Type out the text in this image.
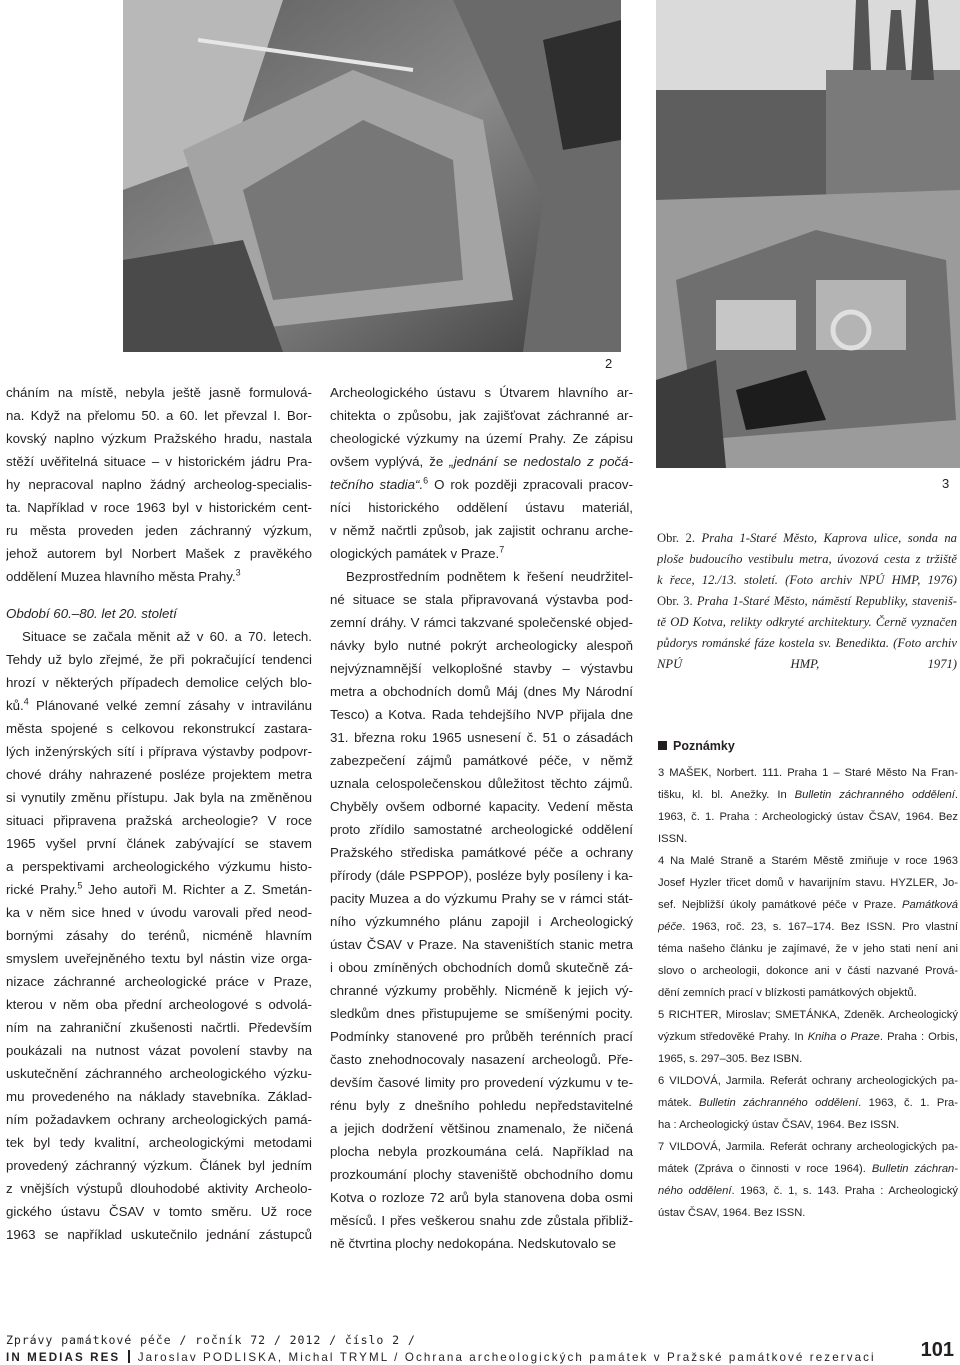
2
3
cháním na místě, nebyla ještě jasně formulová-
na. Když na přelomu 50. a 60. let převzal I. Bor-
kovský naplno výzkum Pražského hradu, nastala
stěží uvěřitelná situace – v historickém jádru Pra-
hy nepracoval naplno žádný archeolog-specialis-
ta. Například v roce 1963 byl v historickém cent-
ru města proveden jeden záchranný výzkum,
jehož autorem byl Norbert Mašek z pravěkého
oddělení Muzea hlavního města Prahy.$^3$
Období 60.–80. let 20. století
Situace se začala měnit až v 60. a 70. letech.
Tehdy už bylo zřejmé, že při pokračující tendenci
hrozí v některých případech demolice celých blo-
ků.$^4$ Plánované velké zemní zásahy v intravilánu
města spojené s celkovou rekonstrukcí zastara-
lých inženýrských sítí i příprava výstavby podpovr-
chové dráhy nahrazené posléze projektem metra
si vynutily změnu přístupu. Jak byla na změněnou
situaci připravena pražská archeologie? V roce
1965 vyšel první článek zabývající se stavem
a perspektivami archeologického výzkumu histo-
rické Prahy.$^5$ Jeho autoři M. Richter a Z. Smetán-
ka v něm sice hned v úvodu varovali před neod-
bornými zásahy do terénů, nicméně hlavním
smyslem uveřejněného textu byl nástin vize orga-
nizace záchranné archeologické práce v Praze,
kterou v něm oba přední archeologové s odvolá-
ním na zahraniční zkušenosti načrtli. Především
poukázali na nutnost vázat povolení stavby na
uskutečnění záchranného archeologického výzku-
mu provedeného na náklady stavebníka. Základ-
ním požadavkem ochrany archeologických pamá-
tek byl tedy kvalitní, archeologickými metodami
provedený záchranný výzkum. Článek byl jedním
z vnějších výstupů dlouhodobé aktivity Archeolo-
gického ústavu ČSAV v tomto směru. Už roce
1963 se například uskutečnilo jednání zástupců
Archeologického ústavu s Útvarem hlavního ar-
chitekta o způsobu, jak zajišťovat záchranné ar-
cheologické výzkumy na území Prahy. Ze zápisu
ovšem vyplývá, že „jednání se nedostalo z počá-
tečního stadia“.$^6$ O rok později zpracovali pracov-
níci historického oddělení ústavu materiál,
v němž načrtli způsob, jak zajistit ochranu arche-
ologických památek v Praze.$^7$
Bezprostředním podnětem k řešení neudržitel-
né situace se stala připravovaná výstavba pod-
zemní dráhy. V rámci takzvané společenské objed-
návky bylo nutné pokrýt archeologicky alespoň
nejvýznamnější velkoplošné stavby – výstavbu
metra a obchodních domů Máj (dnes My Národní
Tesco) a Kotva. Rada tehdejšího NVP přijala dne
31. března roku 1965 usnesení č. 51 o zásadách
zabezpečení zájmů památkové péče, v němž
uznala celospolečenskou důležitost těchto zájmů.
Chyběly ovšem odborné kapacity. Vedení města
proto zřídilo samostatné archeologické oddělení
Pražského střediska památkové péče a ochrany
přírody (dále PSPPOP), posléze byly posíleny i ka-
pacity Muzea a do výzkumu Prahy se v rámci stát-
ního výzkumného plánu zapojil i Archeologický
ústav ČSAV v Praze. Na staveništích stanic metra
i obou zmíněných obchodních domů skutečně zá-
chranné výzkumy proběhly. Nicméně k jejich vý-
sledkům dnes přistupujeme se smíšenými pocity.
Podmínky stanovené pro průběh terénních prací
často znehodnocovaly nasazení archeologů. Pře-
devším časové limity pro provedení výzkumu v te-
rénu byly z dnešního pohledu nepředstavitelné
a jejich dodržení většinou znamenalo, že ničená
plocha nebyla prozkoumána celá. Například na
prozkoumání plochy staveniště obchodního domu
Kotva o rozloze 72 arů byla stanovena doba osmi
měsíců. I přes veškerou snahu zde zůstala přibliž-
ně čtvrtina plochy nedokopána. Nedskutovalo se
Obr. 2. Praha 1-Staré Město, Kaprova ulice, sonda na
ploše budoucího vestibulu metra, úvozová cesta z tržiště
k řece, 12./13. století. (Foto archiv NPÚ HMP, 1976)
Obr. 3. Praha 1-Staré Město, náměstí Republiky, staveniš-
tě OD Kotva, relikty odkryté architektury. Černě vyznačen
půdorys románské fáze kostela sv. Benedikta. (Foto archiv
NPÚ HMP, 1971)
Poznámky
3 MAŠEK, Norbert. 111. Praha 1 – Staré Město Na Fran-
tišku, kl. bl. Anežky. In Bulletin záchranného oddělení.
1963, č. 1. Praha : Archeologický ústav ČSAV, 1964. Bez
ISSN.
4 Na Malé Straně a Starém Městě zmiňuje v roce 1963
Josef Hyzler třicet domů v havarijním stavu. HYZLER, Jo-
sef. Nejbližší úkoly památkové péče v Praze. Památková
péče. 1963, roč. 23, s. 167–174. Bez ISSN. Pro vlastní
téma našeho článku je zajímavé, že v jeho stati není ani
slovo o archeologii, dokonce ani v části nazvané Prová-
dění zemních prací v blízkosti památkových objektů.
5 RICHTER, Miroslav; SMETÁNKA, Zdeněk. Archeologický
výzkum středověké Prahy. In Kniha o Praze. Praha : Orbis,
1965, s. 297–305. Bez ISBN.
6 VILDOVÁ, Jarmila. Referát ochrany archeologických pa-
mátek. Bulletin záchranného oddělení. 1963, č. 1. Pra-
ha : Archeologický ústav ČSAV, 1964. Bez ISSN.
7 VILDOVÁ, Jarmila. Referát ochrany archeologických pa-
mátek (Zpráva o činnosti v roce 1964). Bulletin záchran-
ného oddělení. 1963, č. 1, s. 143. Praha : Archeologický
ústav ČSAV, 1964. Bez ISSN.
Zprávy památkové péče / ročník 72 / 2012 / číslo 2 /
IN MEDIAS RES Jaroslav PODLISKA, Michal TRYML / Ochrana archeologických památek v Pražské památkové rezervaci 101
